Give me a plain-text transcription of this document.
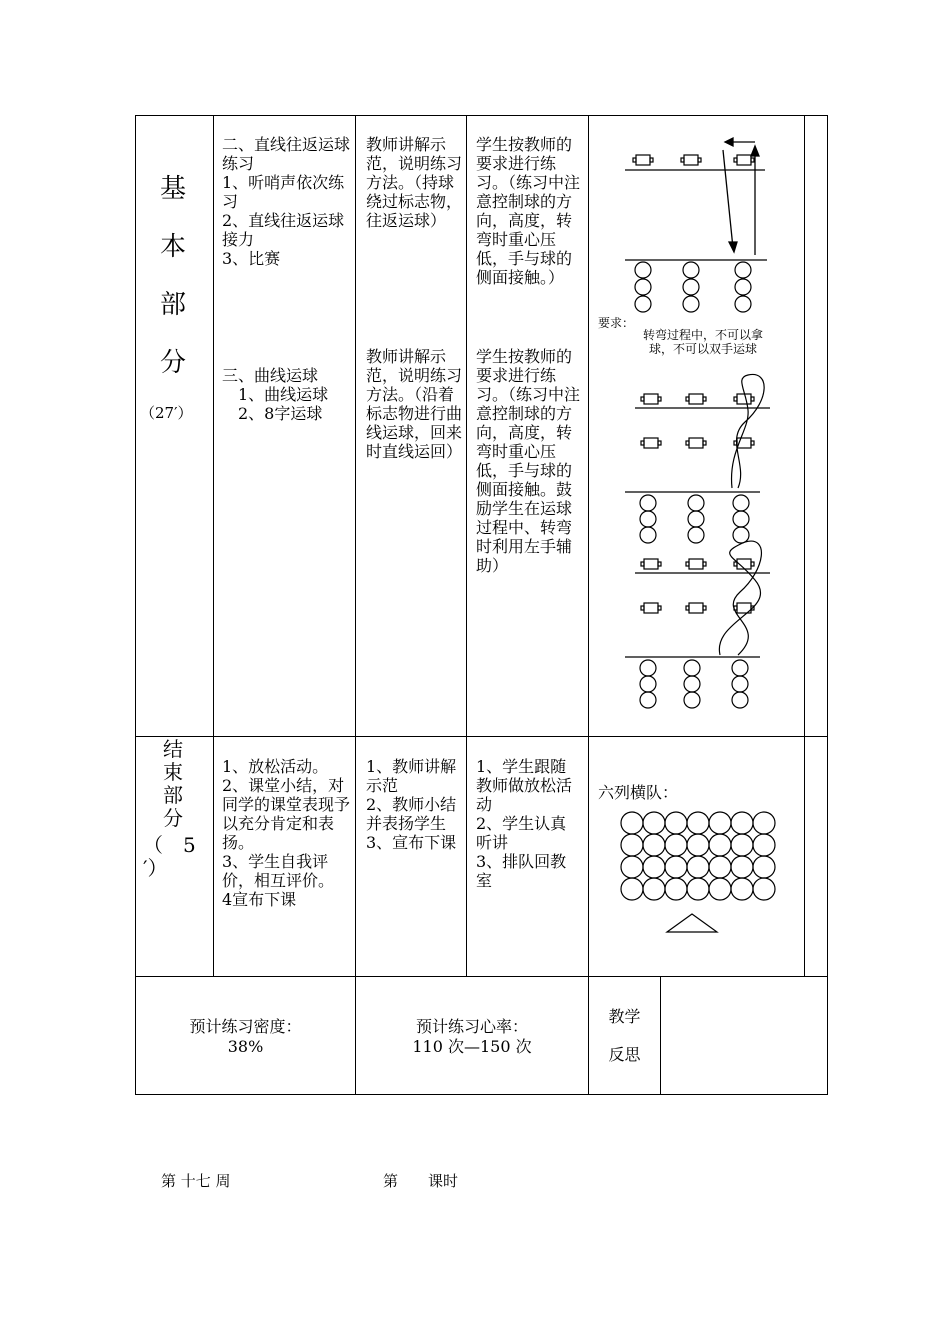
基
本
部
分
（27′）
二、直线往返运球练习
1、听哨声依次练习
2、直线往返运球接力
3、比赛
三、曲线运球
　1、曲线运球
　2、8字运球
教师讲解示范，说明练习方法。（持球绕过标志物，往返运球）
教师讲解示范，说明练习方法。（沿着标志物进行曲线运球，回来时直线运回）
学生按教师的要求进行练习。（练习中注意控制球的方向，高度，转弯时重心压低，手与球的侧面接触。）
学生按教师的要求进行练习。（练习中注意控制球的方向，高度，转弯时重心压低，手与球的侧面接触。鼓励学生在运球过程中、转弯时利用左手辅助）
要求：
转弯过程中，不可以拿
球，不可以双手运球
结
束
部
分
（　5
′）
1、放松活动。
2、课堂小结，对同学的课堂表现予以充分肯定和表扬。
3、学生自我评价，相互评价。
4宣布下课
1、教师讲解示范
2、教师小结并表扬学生
3、宣布下课
1、学生跟随教师做放松活动
2、学生认真听讲
3、排队回教室
六列横队：
预计练习密度：
38%
预计练习心率：
110 次—150 次
教学
反思
第 十七 周	第　　课时
